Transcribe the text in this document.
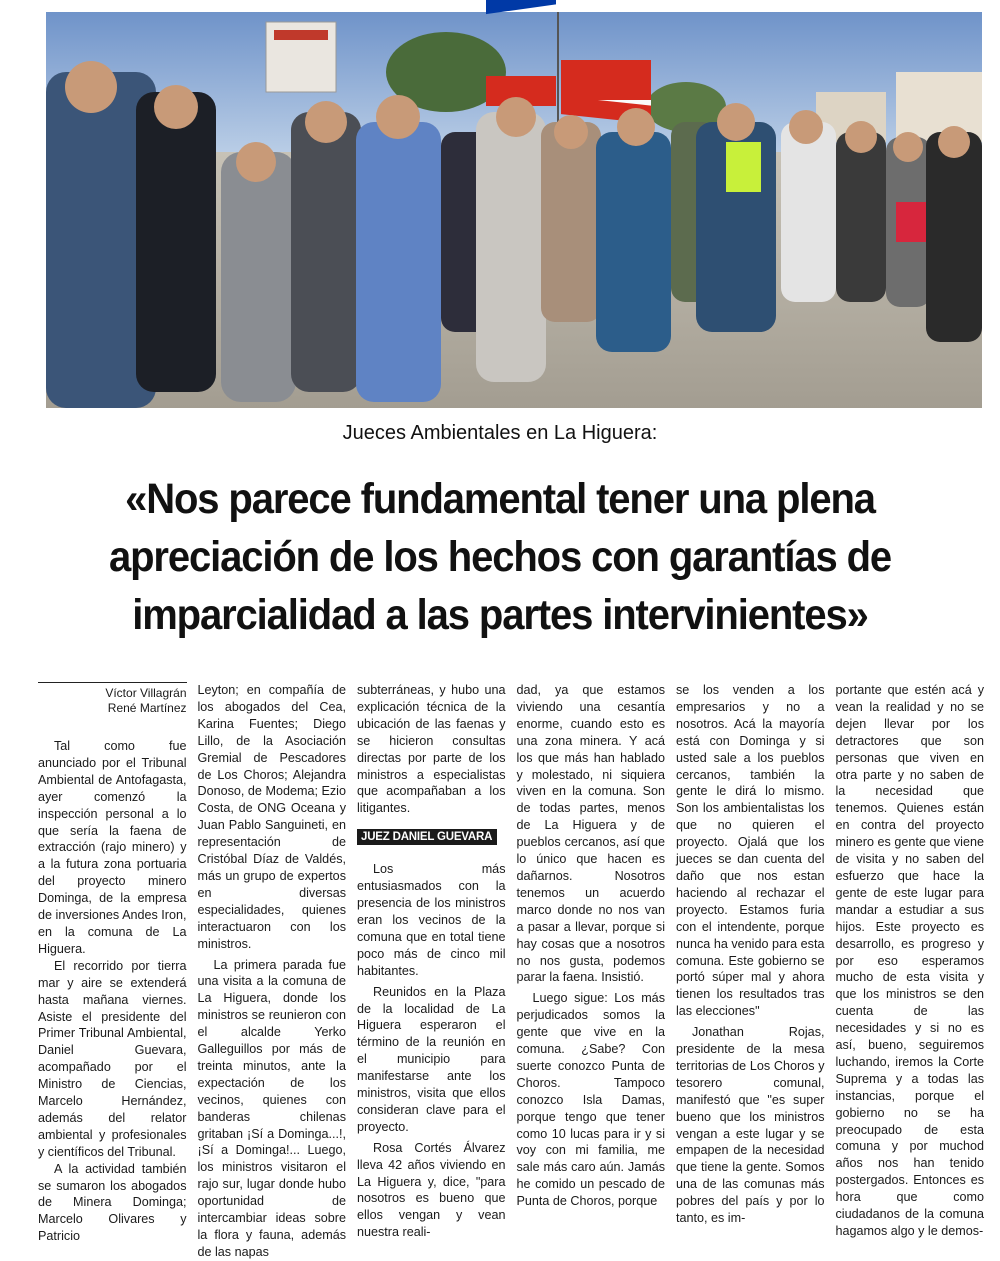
Jueces Ambientales en La Higuera:
«Nos parece fundamental tener una plena apreciación de los hechos con garantías de imparcialidad a las partes intervinientes»
Víctor Villagrán
René Martínez

Tal como fue anunciado por el Tribunal Ambiental de Antofagasta, ayer comenzó la inspección personal a lo que sería la faena de extracción (rajo minero) y a la futura zona portuaria del proyecto minero Dominga, de la empresa de inversiones Andes Iron, en la comuna de La Higuera.

El recorrido por tierra mar y aire se extenderá hasta mañana viernes. Asiste el presidente del Primer Tribunal Ambiental, Daniel Guevara, acompañado por el Ministro de Ciencias, Marcelo Hernández, además del relator ambiental y profesionales y científicos del Tribunal.

A la actividad también se sumaron los abogados de Minera Dominga; Marcelo Olivares y Patricio

Leyton; en compañía de los abogados del Cea, Karina Fuentes; Diego Lillo, de la Asociación Gremial de Pescadores de Los Choros; Alejandra Donoso, de Modema; Ezio Costa, de ONG Oceana y Juan Pablo Sanguineti, en representación de Cristóbal Díaz de Valdés, más un grupo de expertos en diversas especialidades, quienes interactuaron con los ministros.

La primera parada fue una visita a la comuna de La Higuera, donde los ministros se reunieron con el alcalde Yerko Galleguillos por más de treinta minutos, ante la expectación de los vecinos, quienes con banderas chilenas gritaban ¡Sí a Dominga...!, ¡Sí a Dominga!... Luego, los ministros visitaron el rajo sur, lugar donde hubo oportunidad de intercambiar ideas sobre la flora y fauna, además de las napas

subterráneas, y hubo una explicación técnica de la ubicación de las faenas y se hicieron consultas directas por parte de los ministros a especialistas que acompañaban a los litigantes.

JUEZ DANIEL GUEVARA

Los más entusiasmados con la presencia de los ministros eran los vecinos de la comuna que en total tiene poco más de cinco mil habitantes.

Reunidos en la Plaza de la localidad de La Higuera esperaron el término de la reunión en el municipio para manifestarse ante los ministros, visita que ellos consideran clave para el proyecto.

Rosa Cortés Álvarez lleva 42 años viviendo en La Higuera y, dice, "para nosotros es bueno que ellos vengan y vean nuestra reali-

dad, ya que estamos viviendo una cesantía enorme, cuando esto es una zona minera. Y acá los que más han hablado y molestado, ni siquiera viven en la comuna. Son de todas partes, menos de La Higuera y de pueblos cercanos, así que lo único que hacen es dañarnos. Nosotros tenemos un acuerdo marco donde no nos van a pasar a llevar, porque si hay cosas que a nosotros no nos gusta, podemos parar la faena. Insistió.

Luego sigue: Los más perjudicados somos la gente que vive en la comuna. ¿Sabe? Con suerte conozco Punta de Choros. Tampoco conozco Isla Damas, porque tengo que tener como 10 lucas para ir y si voy con mi familia, me sale más caro aún. Jamás he comido un pescado de Punta de Choros, porque

se los venden a los empresarios y no a nosotros. Acá la mayoría está con Dominga y si usted sale a los pueblos cercanos, también la gente le dirá lo mismo. Son los ambientalistas los que no quieren el proyecto. Ojalá que los jueces se dan cuenta del daño que nos estan haciendo al rechazar el proyecto. Estamos furia con el intendente, porque nunca ha venido para esta comuna. Este gobierno se portó súper mal y ahora tienen los resultados tras las elecciones"

Jonathan Rojas, presidente de la mesa territorias de Los Choros y tesorero comunal, manifestó que "es super bueno que los ministros vengan a este lugar y se empapen de la necesidad que tiene la gente. Somos una de las comunas más pobres del país y por lo tanto, es im-

portante que estén acá y vean la realidad y no se dejen llevar por los detractores que son personas que viven en otra parte y no saben de la necesidad que tenemos. Quienes están en contra del proyecto minero es gente que viene de visita y no saben del esfuerzo que hace la gente de este lugar para mandar a estudiar a sus hijos. Este proyecto es desarrollo, es progreso y por eso esperamos mucho de esta visita y que los ministros se den cuenta de las necesidades y si no es así, bueno, seguiremos luchando, iremos la Corte Suprema y a todas las instancias, porque el gobierno no se ha preocupado de esta comuna y por muchod años nos han tenido postergados. Entonces es hora que como ciudadanos de la comuna hagamos algo y le demos-
